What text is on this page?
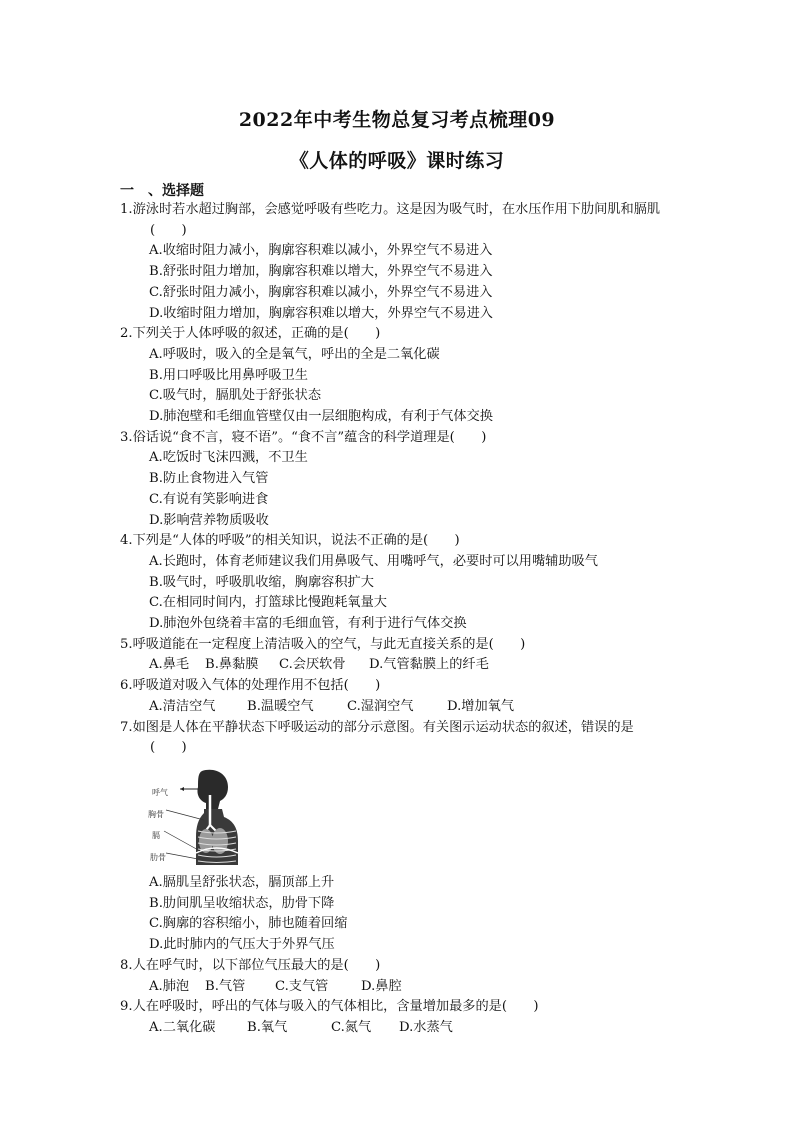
2022年中考生物总复习考点梳理09
《人体的呼吸》课时练习
一　、选择题
1.游泳时若水超过胸部，会感觉呼吸有些吃力。这是因为吸气时，在水压作用下肋间肌和膈肌
(　　)
A.收缩时阻力减小，胸廓容积难以减小，外界空气不易进入
B.舒张时阻力增加，胸廓容积难以增大，外界空气不易进入
C.舒张时阻力减小，胸廓容积难以减小，外界空气不易进入
D.收缩时阻力增加，胸廓容积难以增大，外界空气不易进入
2.下列关于人体呼吸的叙述，正确的是(　　)
A.呼吸时，吸入的全是氧气，呼出的全是二氧化碳
B.用口呼吸比用鼻呼吸卫生
C.吸气时，膈肌处于舒张状态
D.肺泡壁和毛细血管壁仅由一层细胞构成，有利于气体交换
3.俗话说“食不言，寝不语”。“食不言”蕴含的科学道理是(　　)
A.吃饭时飞沫四溅，不卫生
B.防止食物进入气管
C.有说有笑影响进食
D.影响营养物质吸收
4.下列是“人体的呼吸”的相关知识，说法不正确的是(　　)
A.长跑时，体育老师建议我们用鼻吸气、用嘴呼气，必要时可以用嘴辅助吸气
B.吸气时，呼吸肌收缩，胸廓容积扩大
C.在相同时间内，打篮球比慢跑耗氧量大
D.肺泡外包绕着丰富的毛细血管，有利于进行气体交换
5.呼吸道能在一定程度上清洁吸入的空气，与此无直接关系的是(　　)
A.鼻毛	B.鼻黏膜	C.会厌软骨	D.气管黏膜上的纤毛
6.呼吸道对吸入气体的处理作用不包括(　　)
A.清洁空气	B.温暖空气	C.湿润空气	D.增加氧气
7.如图是人体在平静状态下呼吸运动的部分示意图。有关图示运动状态的叙述，错误的是
(　　)
呼气
胸骨
膈
肋骨
A.膈肌呈舒张状态，膈顶部上升
B.肋间肌呈收缩状态，肋骨下降
C.胸廓的容积缩小，肺也随着回缩
D.此时肺内的气压大于外界气压
8.人在呼气时，以下部位气压最大的是(　　)
A.肺泡	B.气管	C.支气管	D.鼻腔
9.人在呼吸时，呼出的气体与吸入的气体相比，含量增加最多的是(　　)
A.二氧化碳	B.氧气	C.氮气	D.水蒸气
